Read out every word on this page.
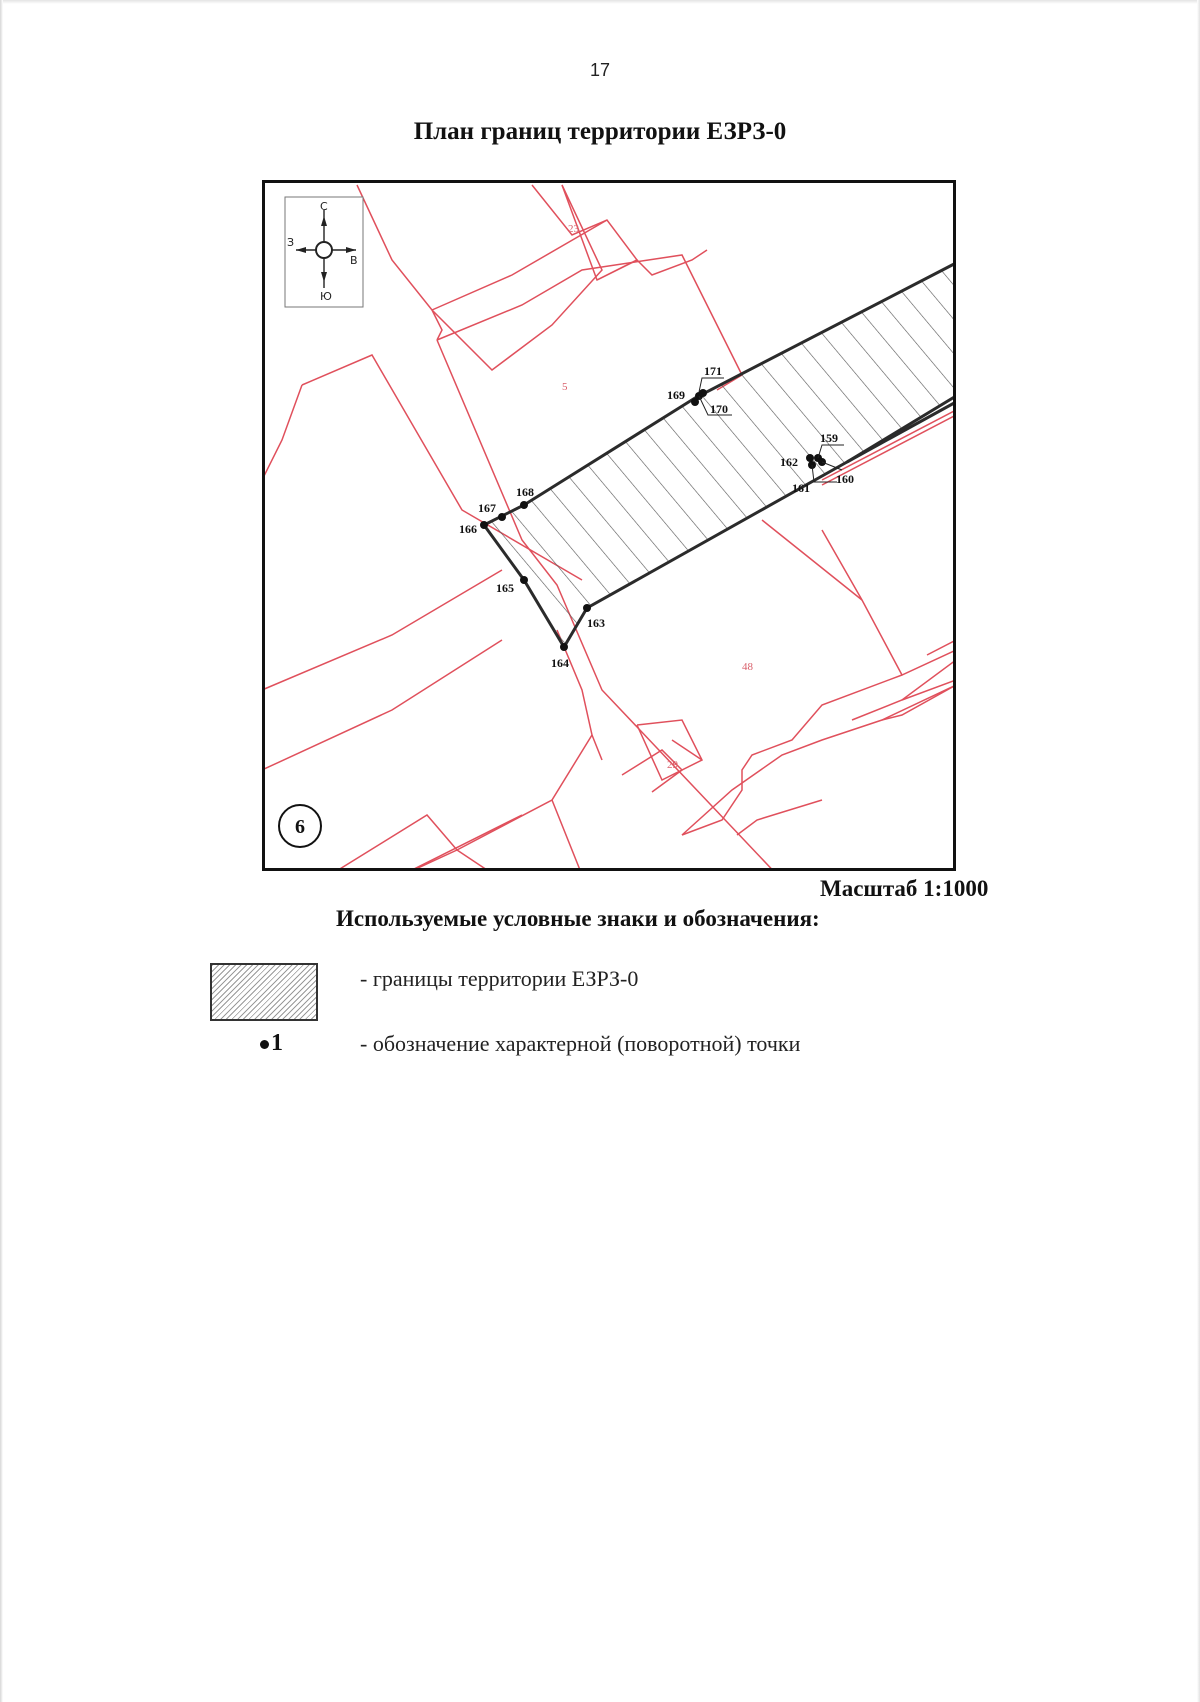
17
План границ территории ЕЗРЗ-0
171
169
170
159
162
160
161
168
167
166
165
163
164
23
5
48
29
С
Ю
З
В
6
Масштаб 1:1000
Используемые условные знаки и обозначения:
- границы территории ЕЗРЗ-0
1	- обозначение характерной (поворотной) точки
